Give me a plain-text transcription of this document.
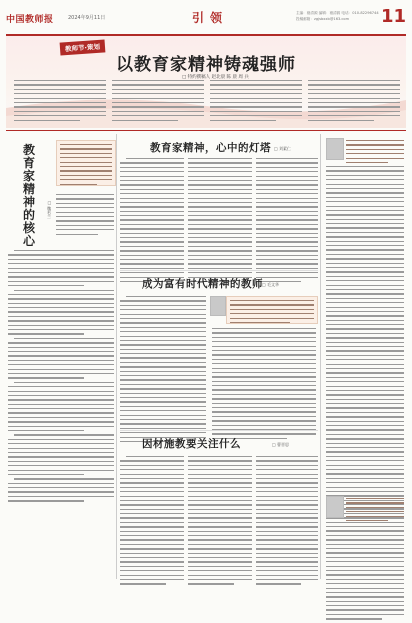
中国教师报	2024年9月11日	引领	主编：褚清源 编辑：褚清源 电话：010-82296744
投稿邮箱：zgjsbxxb@163.com	11
教师节·策划
以教育家精神铸魂强师
□ 特约撰稿人 赵北晨 陈 晨 周 兵
教育家精神的核心
□ 魏若兰
教育家精神，心中的灯塔 □ 刘素仁
成为富有时代精神的教师 □ 毛文华
因材施教要关注什么	□ 曹晋思
